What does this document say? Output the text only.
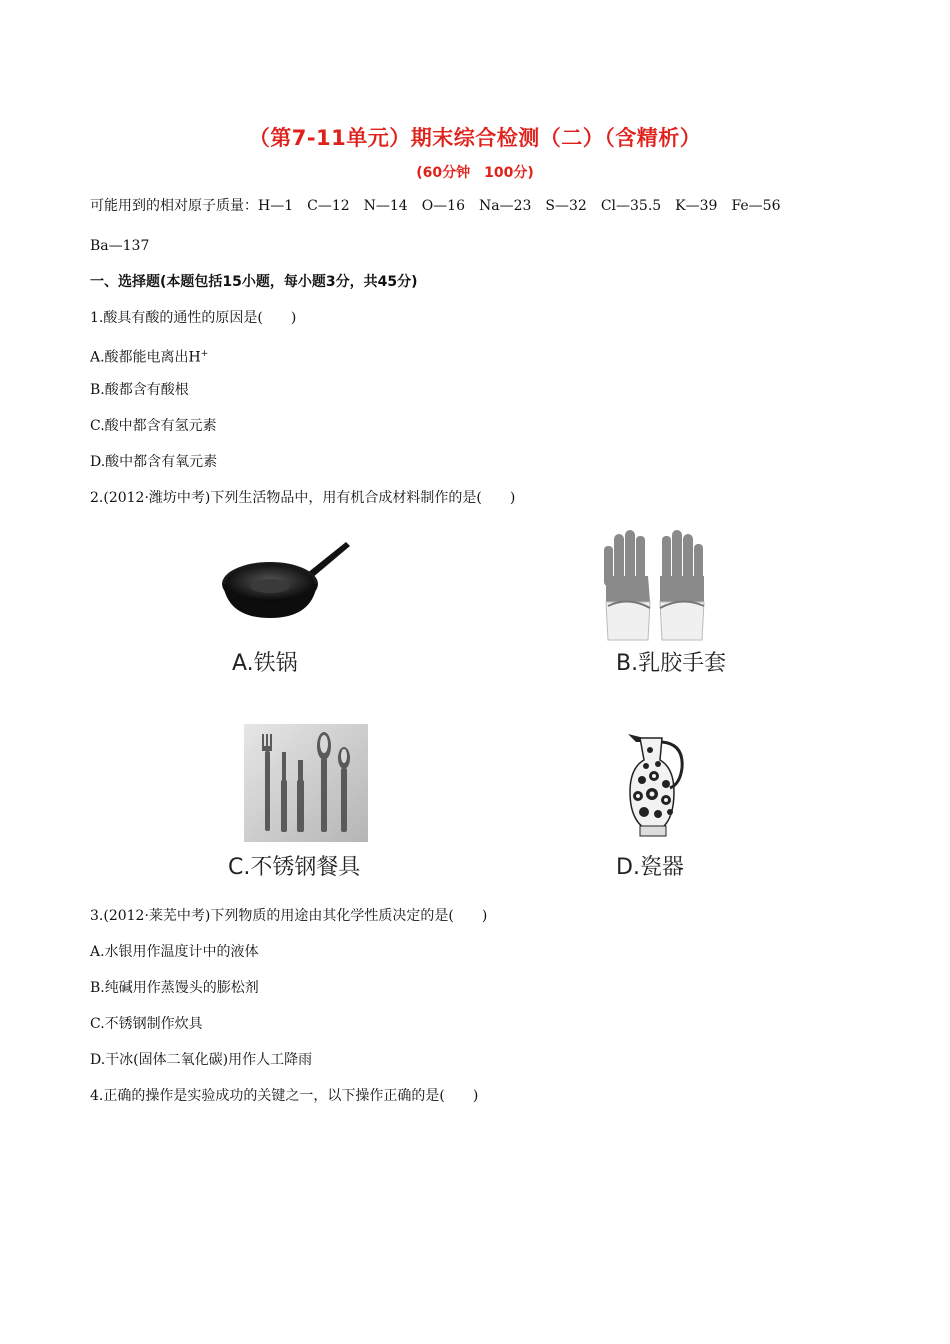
（第7-11单元）期末综合检测（二）（含精析）
(60分钟　100分)
可能用到的相对原子质量：H—1　C—12　N—14　O—16　Na—23　S—32　Cl—35.5　K—39　Fe—56
Ba—137
一、选择题(本题包括15小题，每小题3分，共45分)
1.酸具有酸的通性的原因是(　　)
A.酸都能电离出H+
B.酸都含有酸根
C.酸中都含有氢元素
D.酸中都含有氧元素
2.(2012·潍坊中考)下列生活物品中，用有机合成材料制作的是(　　)
A.铁锅	B.乳胶手套
C.不锈钢餐具	D.瓷器
3.(2012·莱芜中考)下列物质的用途由其化学性质决定的是(　　)
A.水银用作温度计中的液体
B.纯碱用作蒸馒头的膨松剂
C.不锈钢制作炊具
D.干冰(固体二氧化碳)用作人工降雨
4.正确的操作是实验成功的关键之一，以下操作正确的是(　　)
